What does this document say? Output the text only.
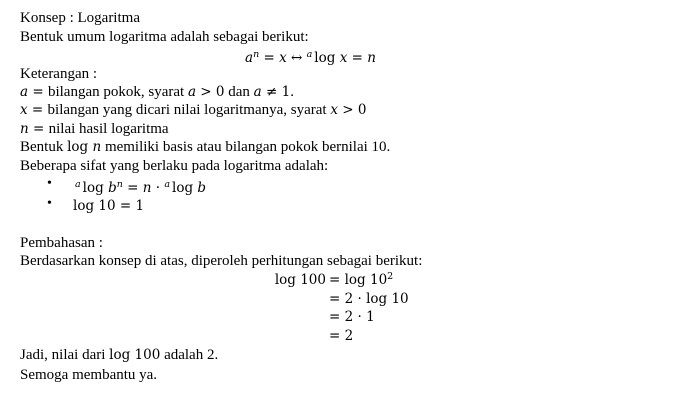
Konsep : Logaritma
Bentuk umum logaritma adalah sebagai berikut:
$a^n = x$ ↔ $^a$ log x = n
Keterangan :
a = bilangan pokok, syarat a > 0 dan a ≠ 1.
x = bilangan yang dicari nilai logaritmanya, syarat x > 0
n = nilai hasil logaritma
Bentuk log n memiliki basis atau bilangan pokok bernilai 10.
Beberapa sifat yang berlaku pada logaritma adalah:
• $^a$ $\log b^n = n \cdot ^a$ log b
• log 10 = 1
Pembahasan :
Berdasarkan konsep di atas, diperoleh perhitungan sebagai berikut:
$\log 100 = \log 10^2$
= 2 · log 10
= 2 · 1
= 2
Jadi, nilai dari log 100 adalah 2.
Semoga membantu ya.
